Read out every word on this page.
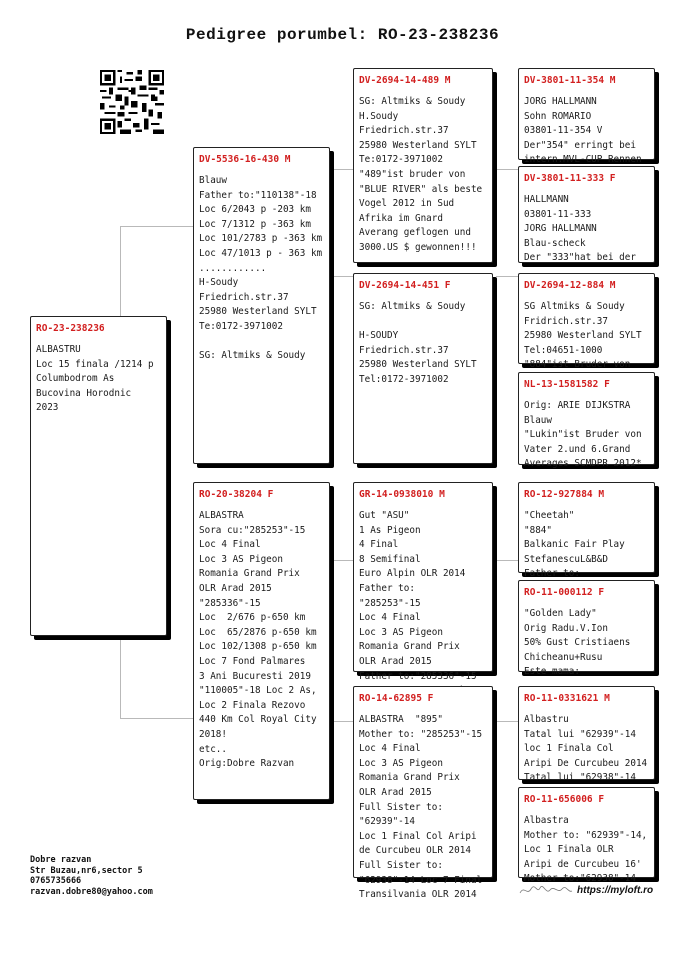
Pedigree porumbel: RO-23-238236
RO-23-238236
ALBASTRU
Loc 15 finala /1214 p
Columbodrom As
Bucovina Horodnic
2023
DV-5536-16-430 M
Blauw
Father to:"110138"-18
Loc 6/2043 p -203 km
Loc 7/1312 p -363 km
Loc 101/2783 p -363 km
Loc 47/1013 p - 363 km
............
H-Soudy
Friedrich.str.37
25980 Westerland SYLT
Te:0172-3971002

SG: Altmiks & Soudy
RO-20-38204 F
ALBASTRA
Sora cu:"285253"-15
Loc 4 Final
Loc 3 AS Pigeon
Romania Grand Prix
OLR Arad 2015
"285336"-15
Loc  2/676 p-650 km
Loc  65/2876 p-650 km
Loc 102/1308 p-650 km
Loc 7 Fond Palmares
3 Ani Bucuresti 2019
"110005"-18 Loc 2 As,
Loc 2 Finala Rezovo
440 Km Col Royal City
2018!
etc..
Orig:Dobre Razvan
DV-2694-14-489 M
SG: Altmiks & Soudy
H.Soudy
Friedrich.str.37
25980 Westerland SYLT
Te:0172-3971002
"489"ist bruder von
"BLUE RIVER" als beste
Vogel 2012 in Sud
Afrika im Gnard
Averang geflogen und
3000.US $ gewonnen!!!
DV-2694-14-451 F
SG: Altmiks & Soudy

H-SOUDY
Friedrich.str.37
25980 Westerland SYLT
Tel:0172-3971002
GR-14-0938010 M
Gut "ASU"
1 As Pigeon
4 Final
8 Semifinal
Euro Alpin OLR 2014
Father to:
"285253"-15
Loc 4 Final
Loc 3 AS Pigeon
Romania Grand Prix
OLR Arad 2015
Father to:"285336"-15

RO-14-62895 F
ALBASTRA  "895"
Mother to: "285253"-15
Loc 4 Final
Loc 3 AS Pigeon
Romania Grand Prix
OLR Arad 2015
Full Sister to:
"62939"-14
Loc 1 Final Col Aripi
de Curcubeu OLR 2014
Full Sister to:
"62938"-14 Loc 7 Final
Transilvania OLR 2014
DV-3801-11-354 M
JORG HALLMANN
Sohn ROMARIO
03801-11-354 V
Der"354" erringt bei
intern.MVL-CUP Rennen
DV-3801-11-333 F
HALLMANN
03801-11-333
JORG HALLMANN
Blau-scheck
Der "333"hat bei der
DV-2694-12-884 M
SG Altmiks & Soudy
Fridrich.str.37
25980 Westerland SYLT
Tel:04651-1000
"884"ist Bruder von
NL-13-1581582 F
Orig: ARIE DIJKSTRA
Blauw
"Lukin"ist Bruder von
Vater 2.und 6.Grand
Averages SCMDPR 2012*
RO-12-927884 M
"Cheetah"
"884"
Balkanic Fair Play
StefanescuL&B&D
Father to:
RO-11-000112 F
"Golden Lady"
Orig Radu.V.Ion
50% Gust Cristiaens
Chicheanu+Rusu
Este mama:
RO-11-0331621 M
Albastru
Tatal lui "62939"-14
loc 1 Finala Col
Aripi De Curcubeu 2014
Tatal lui "62938"-14
RO-11-656006 F
Albastra
Mother to: "62939"-14,
Loc 1 Finala OLR
Aripi de Curcubeu 16'
Mother to:"62938"-14
Dobre razvan
Str Buzau,nr6,sector 5
0765735666
razvan.dobre80@yahoo.com	https://myloft.ro
